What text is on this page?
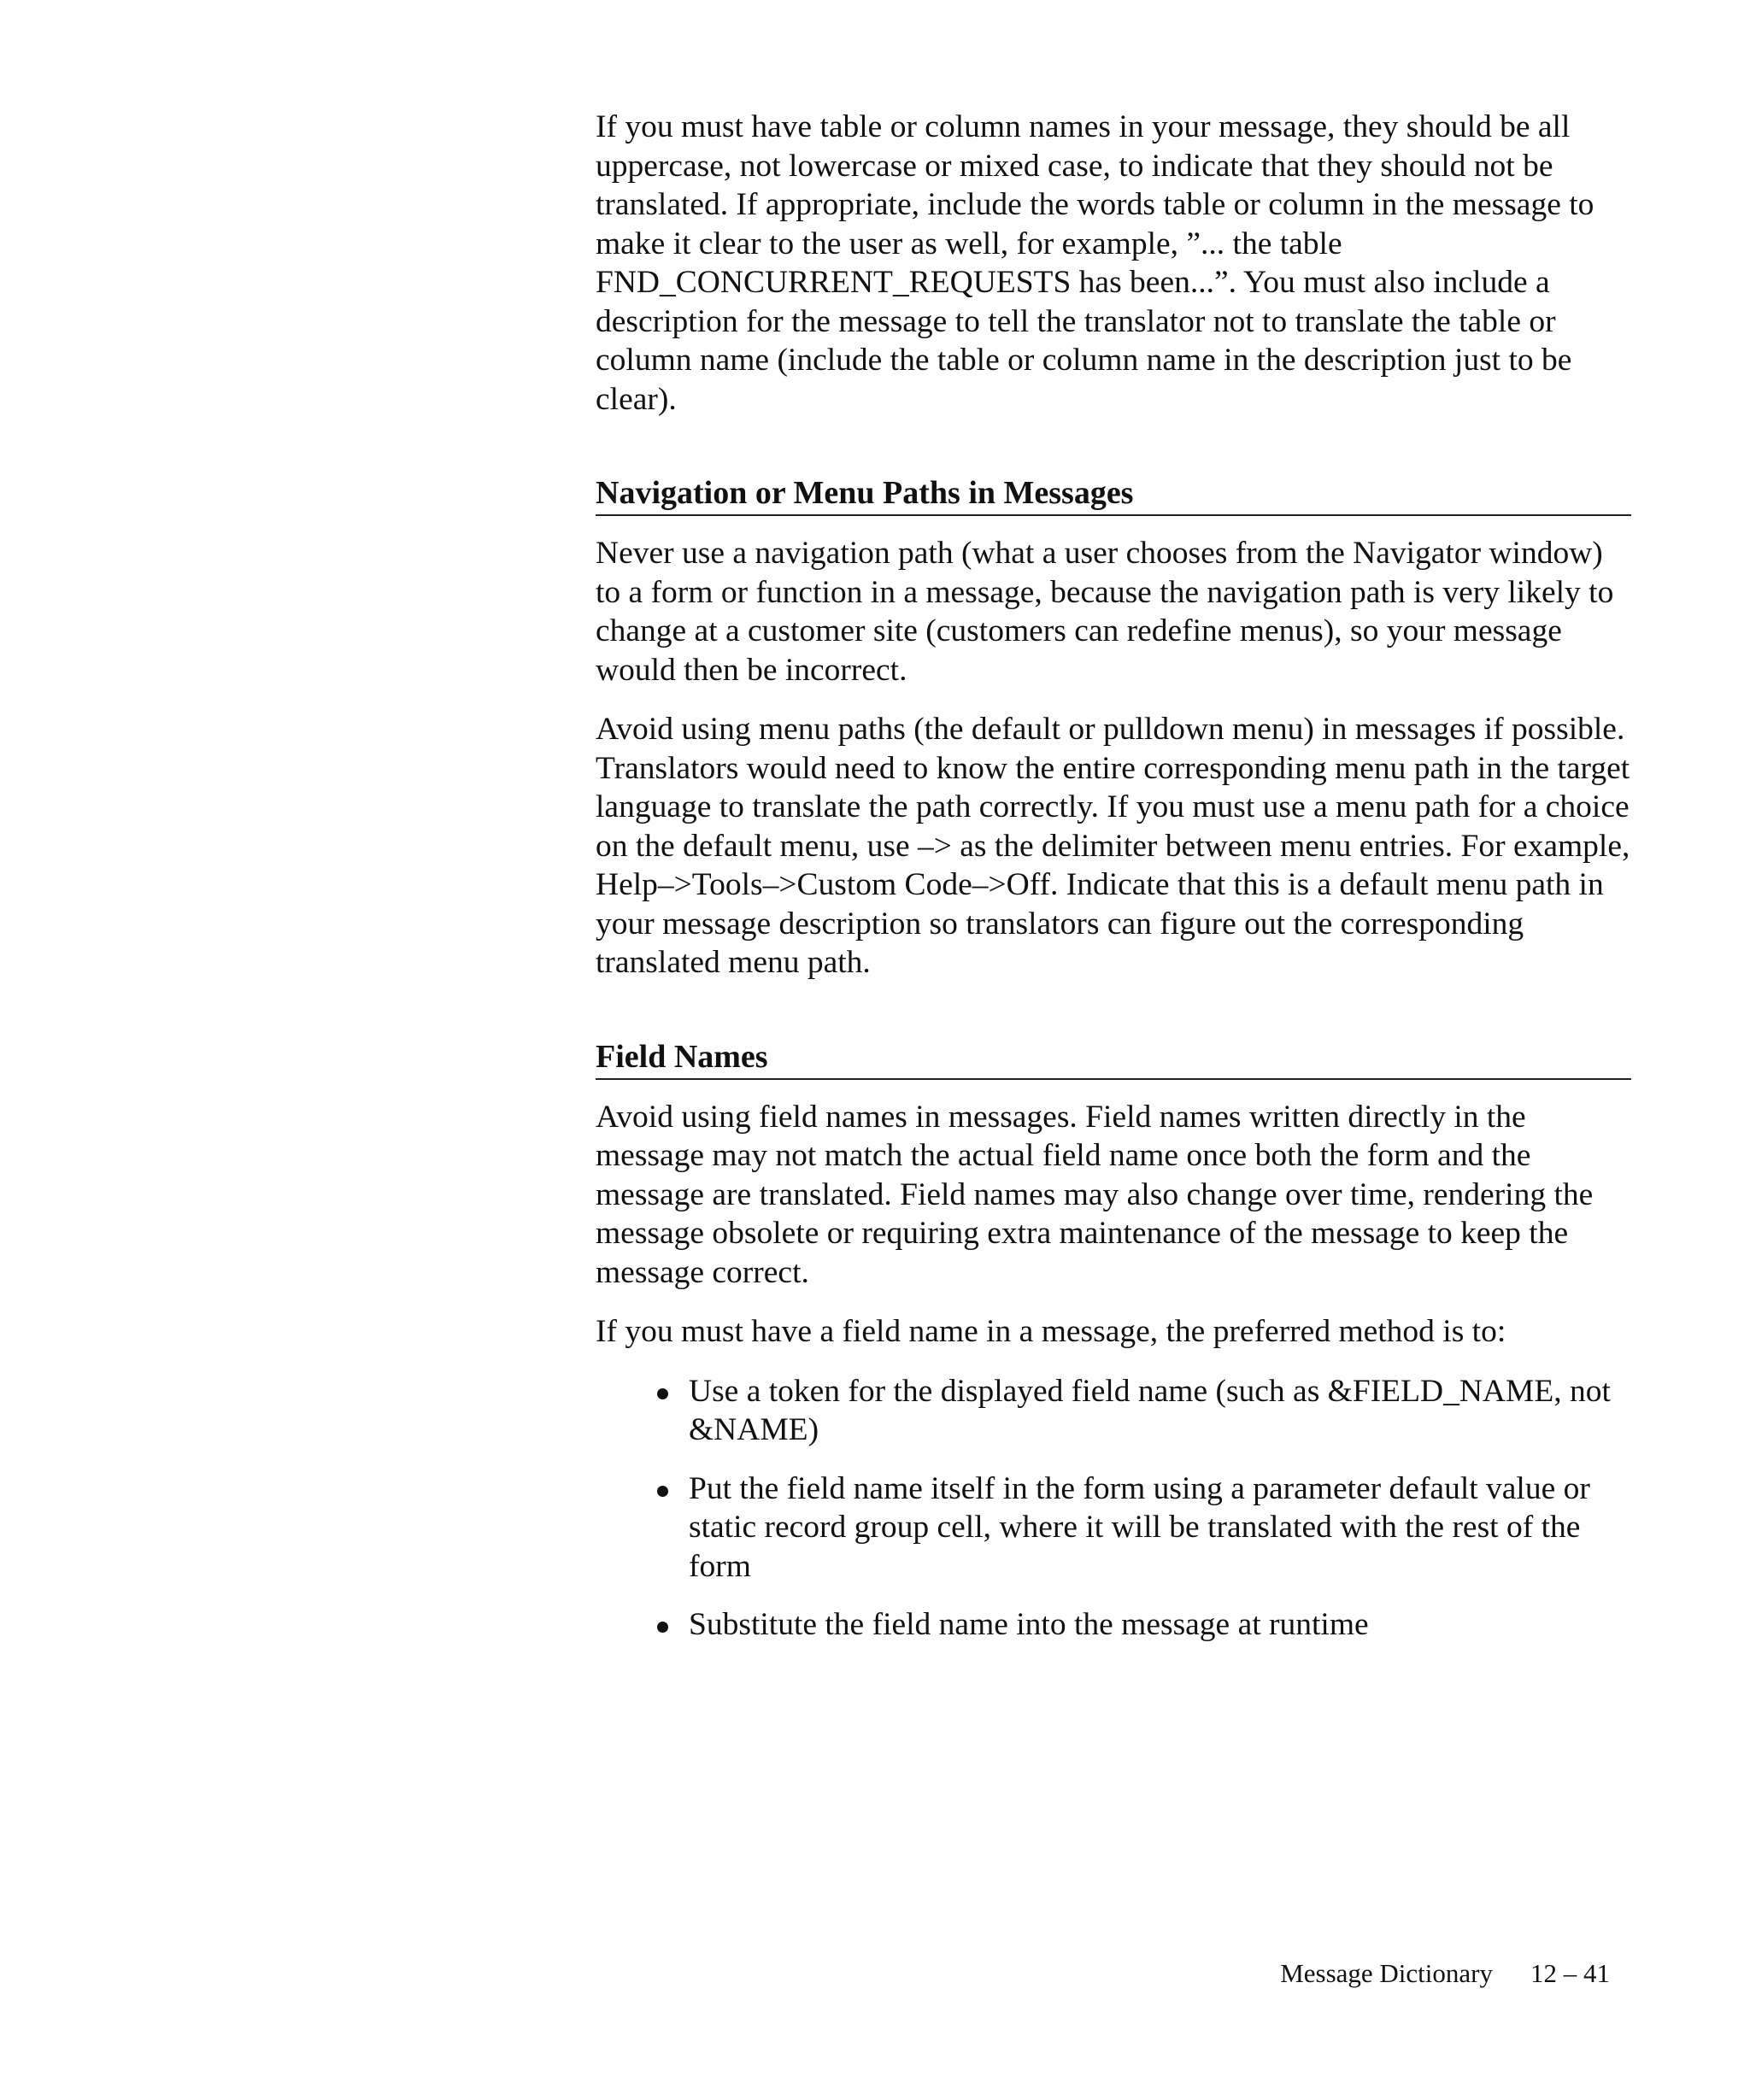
If you must have table or column names in your message, they should be all uppercase, not lowercase or mixed case, to indicate that they should not be translated. If appropriate, include the words table or column in the message to make it clear to the user as well, for example, ”... the table FND_CONCURRENT_REQUESTS has been...”. You must also include a description for the message to tell the translator not to translate the table or column name (include the table or column name in the description just to be clear).

Navigation or Menu Paths in Messages

Never use a navigation path (what a user chooses from the Navigator window) to a form or function in a message, because the navigation path is very likely to change at a customer site (customers can redefine menus), so your message would then be incorrect.

Avoid using menu paths (the default or pulldown menu) in messages if possible. Translators would need to know the entire corresponding menu path in the target language to translate the path correctly. If you must use a menu path for a choice on the default menu, use –> as the delimiter between menu entries. For example, Help–>Tools–>Custom Code–>Off. Indicate that this is a default menu path in your message description so translators can figure out the corresponding translated menu path.

Field Names

Avoid using field names in messages. Field names written directly in the message may not match the actual field name once both the form and the message are translated. Field names may also change over time, rendering the message obsolete or requiring extra maintenance of the message to keep the message correct.

If you must have a field name in a message, the preferred method is to:

Use a token for the displayed field name (such as &FIELD_NAME, not &NAME)
Put the field name itself in the form using a parameter default value or static record group cell, where it will be translated with the rest of the form
Substitute the field name into the message at runtime
Message Dictionary 12 – 41
